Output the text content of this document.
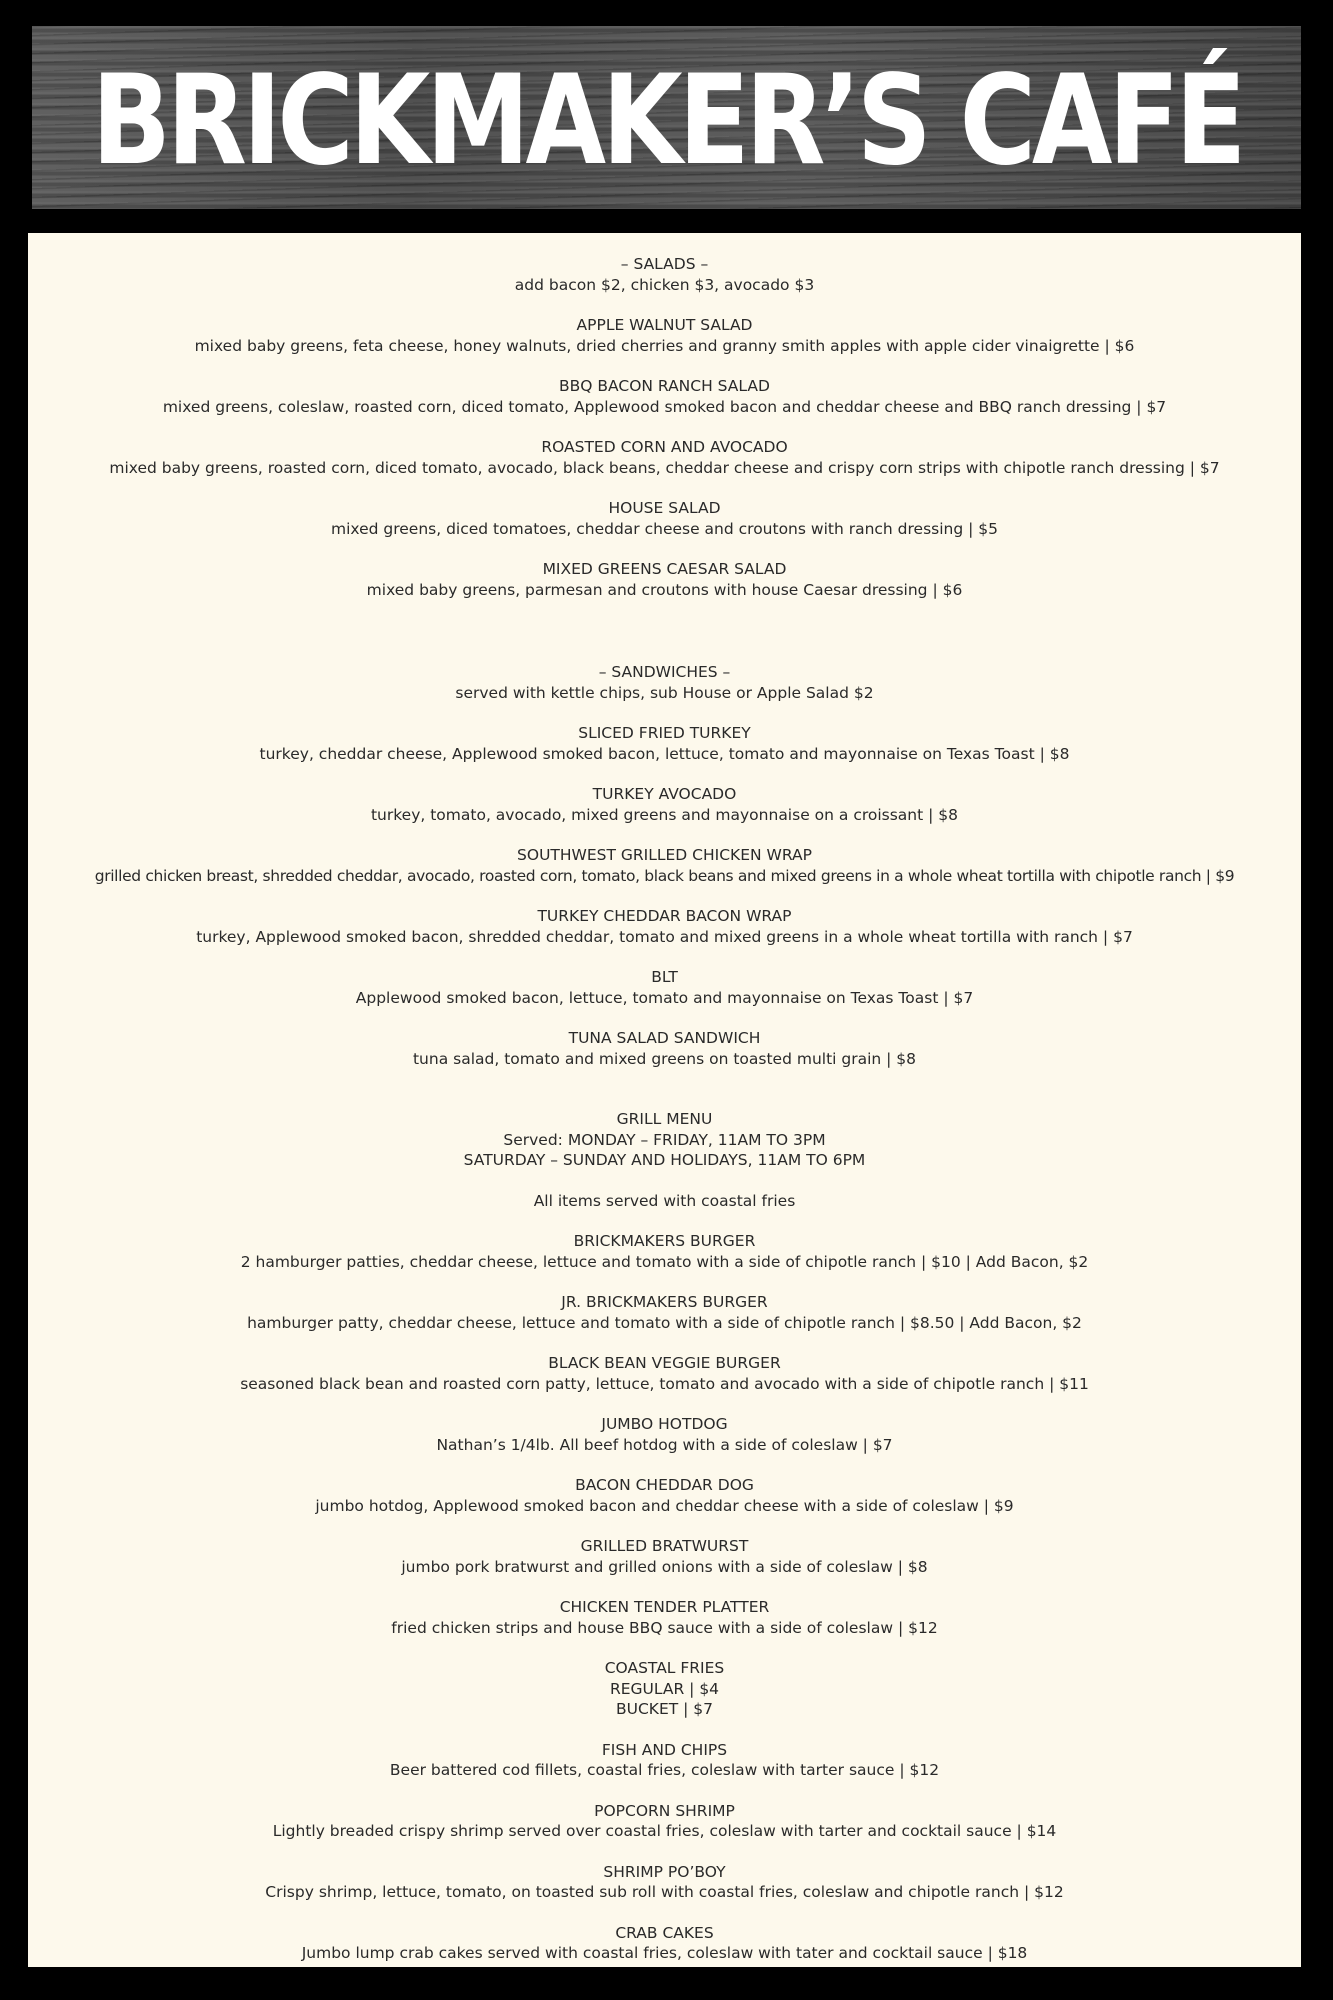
BRICKMAKER’S CAFÉ

– SALADS –

add bacon $2, chicken $3, avocado $3

APPLE WALNUT SALAD

mixed baby greens, feta cheese, honey walnuts, dried cherries and granny smith apples with apple cider vinaigrette | $6

BBQ BACON RANCH SALAD

mixed greens, coleslaw, roasted corn, diced tomato, Applewood smoked bacon and cheddar cheese and BBQ ranch dressing | $7

ROASTED CORN AND AVOCADO

mixed baby greens, roasted corn, diced tomato, avocado, black beans, cheddar cheese and crispy corn strips with chipotle ranch dressing | $7

HOUSE SALAD

mixed greens, diced tomatoes, cheddar cheese and croutons with ranch dressing | $5

MIXED GREENS CAESAR SALAD

mixed baby greens, parmesan and croutons with house Caesar dressing | $6

– SANDWICHES –

served with kettle chips, sub House or Apple Salad $2

SLICED FRIED TURKEY

turkey, cheddar cheese, Applewood smoked bacon, lettuce, tomato and mayonnaise on Texas Toast | $8

TURKEY AVOCADO

turkey, tomato, avocado, mixed greens and mayonnaise on a croissant | $8

SOUTHWEST GRILLED CHICKEN WRAP

grilled chicken breast, shredded cheddar, avocado, roasted corn, tomato, black beans and mixed greens in a whole wheat tortilla with chipotle ranch | $9

TURKEY CHEDDAR BACON WRAP

turkey, Applewood smoked bacon, shredded cheddar, tomato and mixed greens in a whole wheat tortilla with ranch | $7

BLT

Applewood smoked bacon, lettuce, tomato and mayonnaise on Texas Toast | $7

TUNA SALAD SANDWICH

tuna salad, tomato and mixed greens on toasted multi grain | $8

GRILL MENU

Served: MONDAY – FRIDAY, 11AM TO 3PM

SATURDAY – SUNDAY AND HOLIDAYS, 11AM TO 6PM

All items served with coastal fries

BRICKMAKERS BURGER

2 hamburger patties, cheddar cheese, lettuce and tomato with a side of chipotle ranch | $10 | Add Bacon, $2

JR. BRICKMAKERS BURGER

hamburger patty, cheddar cheese, lettuce and tomato with a side of chipotle ranch | $8.50 | Add Bacon, $2

BLACK BEAN VEGGIE BURGER

seasoned black bean and roasted corn patty, lettuce, tomato and avocado with a side of chipotle ranch | $11

JUMBO HOTDOG

Nathan’s 1/4lb. All beef hotdog with a side of coleslaw | $7

BACON CHEDDAR DOG

jumbo hotdog, Applewood smoked bacon and cheddar cheese with a side of coleslaw | $9

GRILLED BRATWURST

jumbo pork bratwurst and grilled onions with a side of coleslaw | $8

CHICKEN TENDER PLATTER

fried chicken strips and house BBQ sauce with a side of coleslaw | $12

COASTAL FRIES

REGULAR | $4

BUCKET | $7

FISH AND CHIPS

Beer battered cod fillets, coastal fries, coleslaw with tarter sauce | $12

POPCORN SHRIMP

Lightly breaded crispy shrimp served over coastal fries, coleslaw with tarter and cocktail sauce | $14

SHRIMP PO’BOY

Crispy shrimp, lettuce, tomato, on toasted sub roll with coastal fries, coleslaw and chipotle ranch | $12

CRAB CAKES

Jumbo lump crab cakes served with coastal fries, coleslaw with tater and cocktail sauce | $18
